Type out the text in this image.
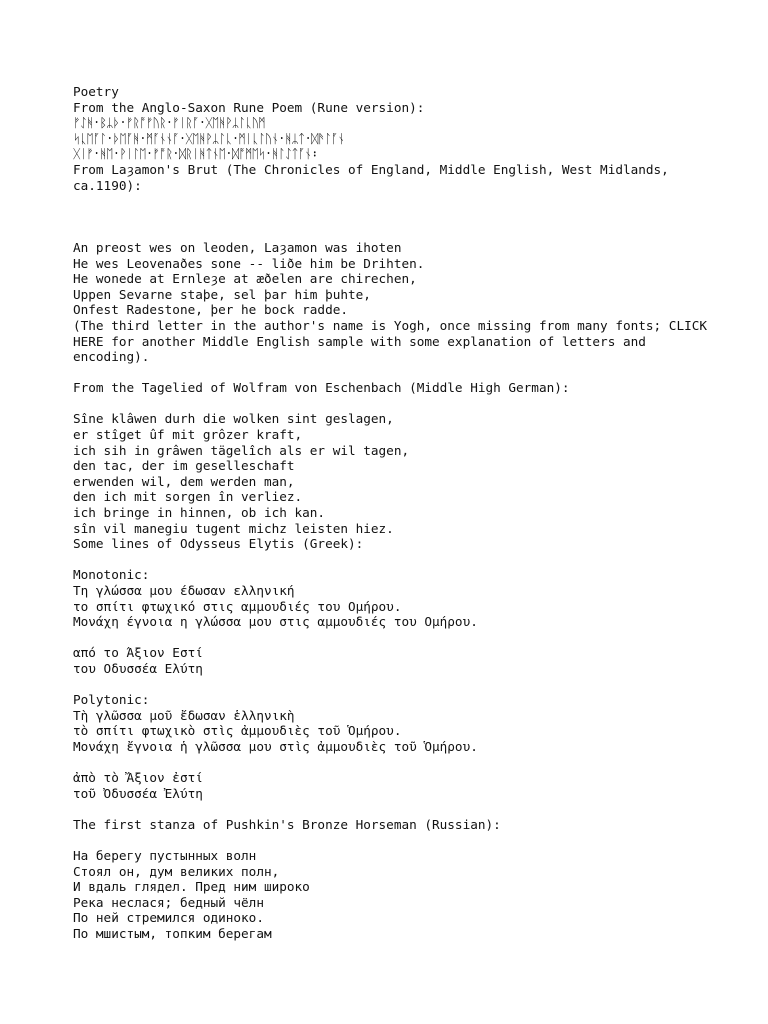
Poetry
From the Anglo-Saxon Rune Poem (Rune version):
ᚠᛇᚻ᛫ᛒᛦᚦ᛫ᚠᚱᚩᚠᚢᚱ᛫ᚠᛁᚱᚪ᛫ᚷᛖᚻᚹᛦᛚᚳᚢᛗ
ᛋᚳᛖᚪᛚ᛫ᚦᛖᚪᚻ᛫ᛗᚪᚾᚾᚪ᛫ᚷᛖᚻᚹᛦᛚᚳ᛫ᛗᛁᚳᛚᚢᚾ᛫ᚻᛦᛏ᛫ᛞᚫᛚᚪᚾ
ᚷᛁᚠ᛫ᚻᛖ᛫ᚹᛁᛚᛖ᛫ᚠᚩᚱ᛫ᛞᚱᛁᚻᛏᚾᛖ᛫ᛞᚩᛗᛖᛋ᛫ᚻᛚᛇᛏᚪᚾ᛬
From Laȝamon's Brut (The Chronicles of England, Middle English, West Midlands, ca.1190):
An preost wes on leoden, Laȝamon was ihoten
He wes Leovenaðes sone -- liðe him be Drihten.
He wonede at Ernleȝe at æðelen are chirechen,
Uppen Sevarne staþe, sel þar him þuhte,
Onfest Radestone, þer he bock radde.
(The third letter in the author's name is Yogh, once missing from many fonts; CLICK HERE for another Middle English sample with some explanation of letters and encoding).
From the Tagelied of Wolfram von Eschenbach (Middle High German):
Sîne klâwen durh die wolken sint geslagen,
er stîget ûf mit grôzer kraft,
ich sih in grâwen tägelîch als er wil tagen,
den tac, der im geselleschaft
erwenden wil, dem werden man,
den ich mit sorgen în verliez.
ich bringe in hinnen, ob ich kan.
sîn vil manegiu tugent michz leisten hiez.
Some lines of Odysseus Elytis (Greek):
Monotonic:
Τη γλώσσα μου έδωσαν ελληνική
το σπίτι φτωχικό στις αμμουδιές του Ομήρου.
Μονάχη έγνοια η γλώσσα μου στις αμμουδιές του Ομήρου.
από το Άξιον Εστί
του Οδυσσέα Ελύτη
Polytonic:
Τὴ γλῶσσα μοῦ ἔδωσαν ἑλληνικὴ
τὸ σπίτι φτωχικὸ στὶς ἀμμουδιὲς τοῦ Ὁμήρου.
Μονάχη ἔγνοια ἡ γλῶσσα μου στὶς ἀμμουδιὲς τοῦ Ὁμήρου.
ἀπὸ τὸ Ἄξιον ἐστί
τοῦ Ὀδυσσέα Ἐλύτη
The first stanza of Pushkin's Bronze Horseman (Russian):
На берегу пустынных волн
Стоял он, дум великих полн,
И вдаль глядел. Пред ним широко
Река неслася; бедный чёлн
По ней стремился одиноко.
По мшистым, топким берегам
